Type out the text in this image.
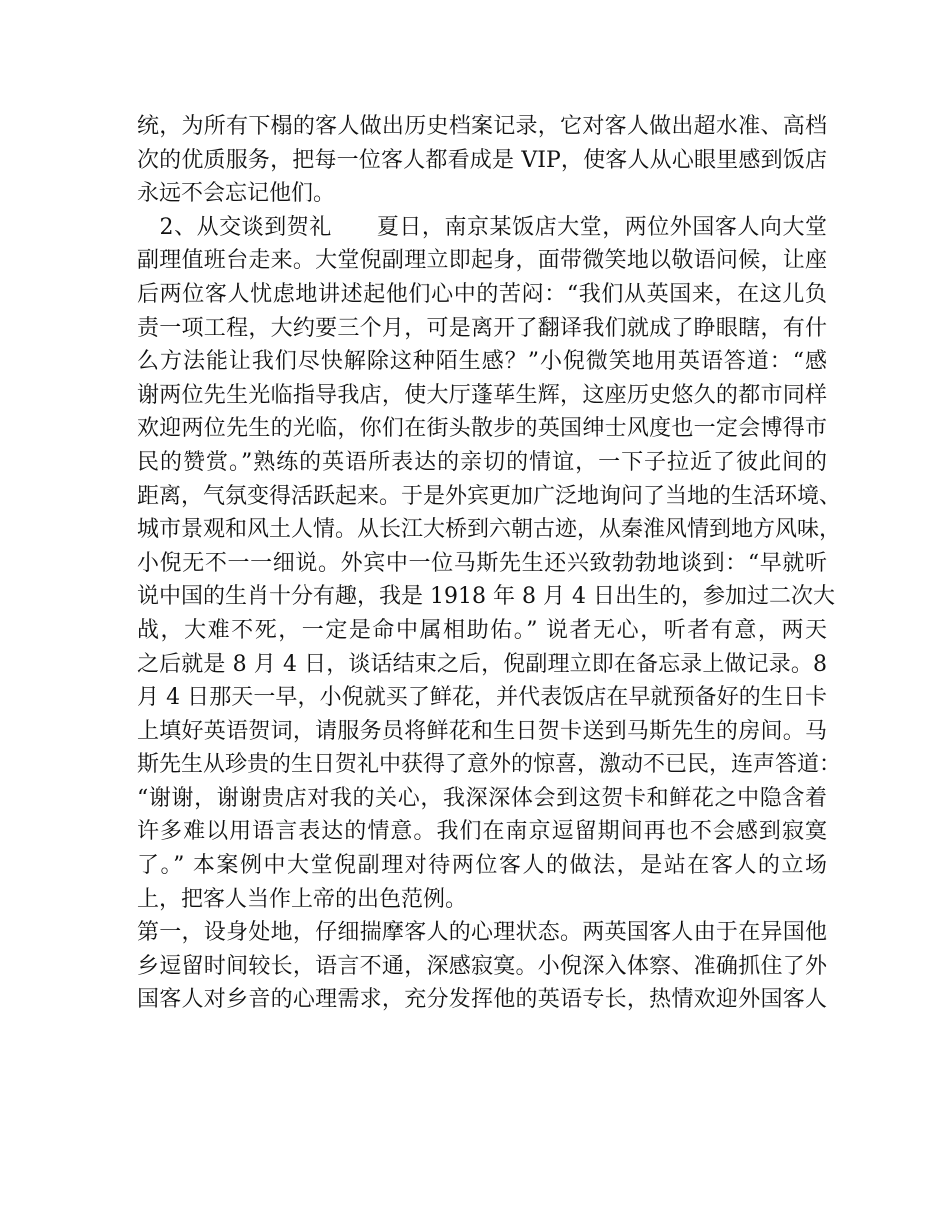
统，为所有下榻的客人做出历史档案记录，它对客人做出超水准、高档
次的优质服务，把每一位客人都看成是 VIP，使客人从心眼里感到饭店
永远不会忘记他们。
　2、从交谈到贺礼　　夏日，南京某饭店大堂，两位外国客人向大堂
副理值班台走来。大堂倪副理立即起身，面带微笑地以敬语问候，让座
后两位客人忧虑地讲述起他们心中的苦闷：“我们从英国来，在这儿负
责一项工程，大约要三个月，可是离开了翻译我们就成了睁眼瞎，有什
么方法能让我们尽快解除这种陌生感？”小倪微笑地用英语答道：“感
谢两位先生光临指导我店，使大厅蓬荜生辉，这座历史悠久的都市同样
欢迎两位先生的光临，你们在街头散步的英国绅士风度也一定会博得市
民的赞赏。”熟练的英语所表达的亲切的情谊，一下子拉近了彼此间的
距离，气氛变得活跃起来。于是外宾更加广泛地询问了当地的生活环境、
城市景观和风土人情。从长江大桥到六朝古迹，从秦淮风情到地方风味，
小倪无不一一细说。外宾中一位马斯先生还兴致勃勃地谈到：“早就听
说中国的生肖十分有趣，我是 1918 年 8 月 4 日出生的，参加过二次大
战，大难不死，一定是命中属相助佑。” 说者无心，听者有意，两天
之后就是 8 月 4 日，谈话结束之后，倪副理立即在备忘录上做记录。8
月 4 日那天一早，小倪就买了鲜花，并代表饭店在早就预备好的生日卡
上填好英语贺词，请服务员将鲜花和生日贺卡送到马斯先生的房间。马
斯先生从珍贵的生日贺礼中获得了意外的惊喜，激动不已民，连声答道：
“谢谢，谢谢贵店对我的关心，我深深体会到这贺卡和鲜花之中隐含着
许多难以用语言表达的情意。我们在南京逗留期间再也不会感到寂寞
了。” 本案例中大堂倪副理对待两位客人的做法，是站在客人的立场
上，把客人当作上帝的出色范例。
第一，设身处地，仔细揣摩客人的心理状态。两英国客人由于在异国他
乡逗留时间较长，语言不通，深感寂寞。小倪深入体察、准确抓住了外
国客人对乡音的心理需求，充分发挥他的英语专长，热情欢迎外国客人
